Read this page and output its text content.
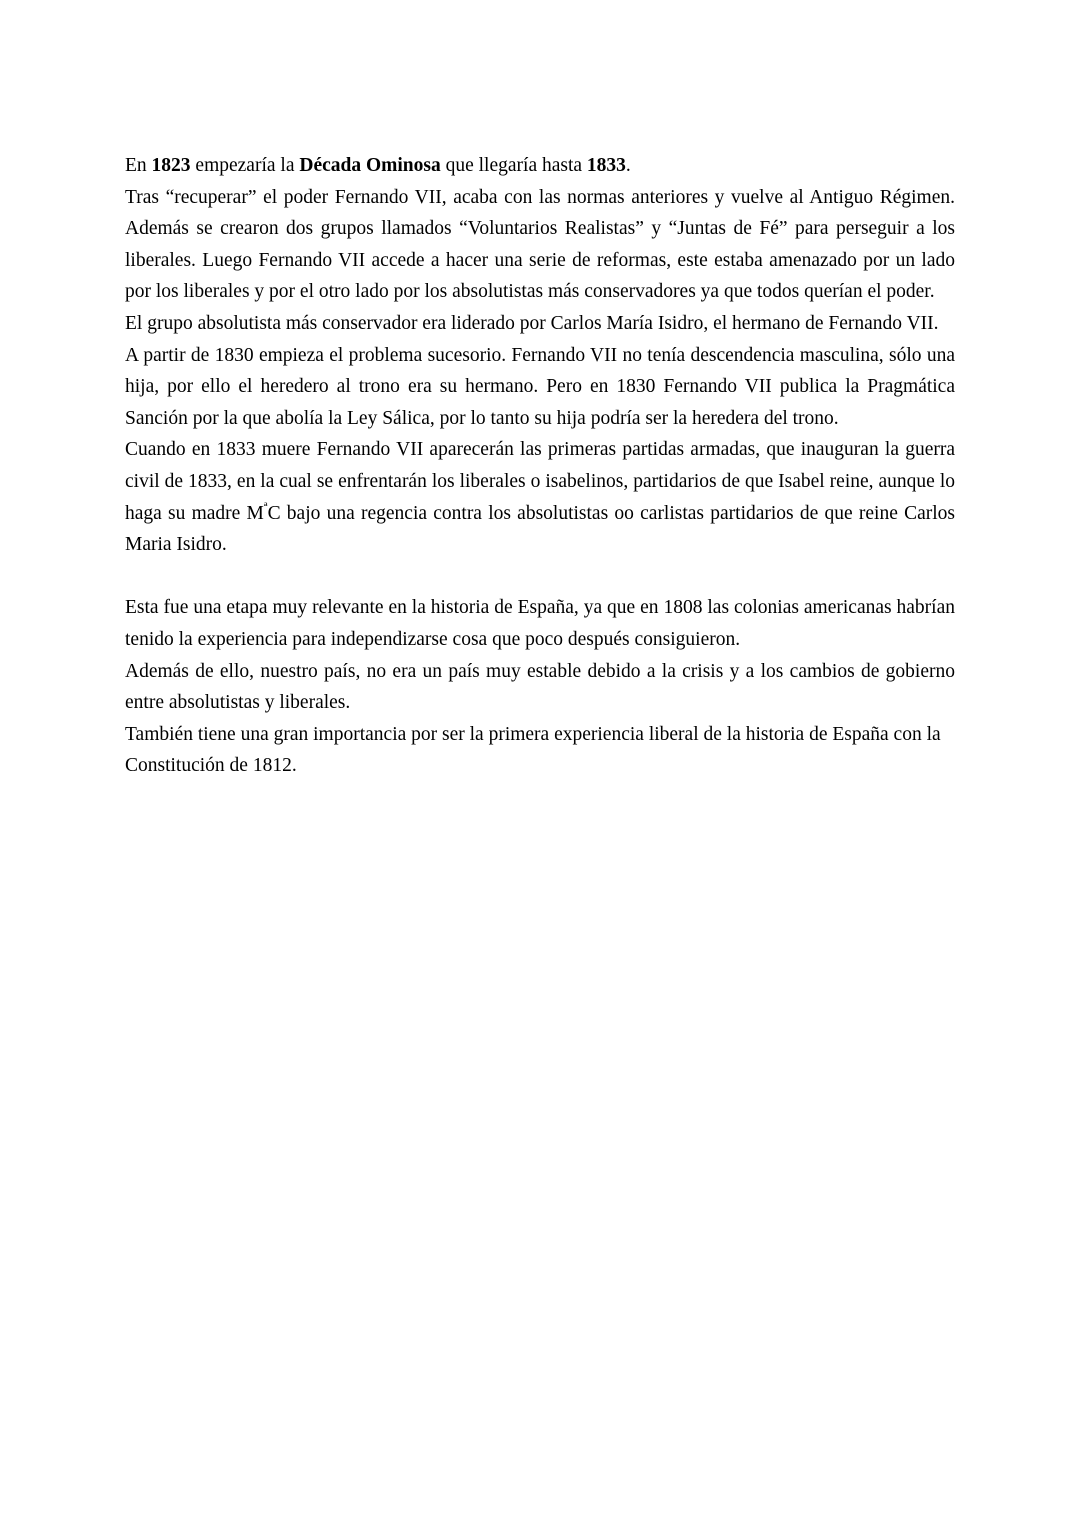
En 1823 empezaría la Década Ominosa que llegaría hasta 1833.

Tras “recuperar” el poder Fernando VII, acaba con las normas anteriores y vuelve al Antiguo Régimen. Además se crearon dos grupos llamados “Voluntarios Realistas” y “Juntas de Fé” para perseguir a los liberales. Luego Fernando VII accede a hacer una serie de reformas, este estaba amenazado por un lado por los liberales y por el otro lado por los absolutistas más conservadores ya que todos querían el poder.

El grupo absolutista más conservador era liderado por Carlos María Isidro, el hermano de Fernando VII.

A partir de 1830 empieza el problema sucesorio. Fernando VII no tenía descendencia masculina, sólo una hija, por ello el heredero al trono era su hermano. Pero en 1830 Fernando VII publica la Pragmática Sanción por la que abolía la Ley Sálica, por lo tanto su hija podría ser la heredera del trono.

Cuando en 1833 muere Fernando VII aparecerán las primeras partidas armadas, que inauguran la guerra civil de 1833, en la cual se enfrentarán los liberales o isabelinos, partidarios de que Isabel reine, aunque lo haga su madre $M^ªC$ bajo una regencia contra los absolutistas oo carlistas partidarios de que reine Carlos Maria Isidro.

Esta fue una etapa muy relevante en la historia de España, ya que en 1808 las colonias americanas habrían tenido la experiencia para independizarse cosa que poco después consiguieron.

Además de ello, nuestro país, no era un país muy estable debido a la crisis y a los cambios de gobierno entre absolutistas y liberales.

También tiene una gran importancia por ser la primera experiencia liberal de la historia de España con la Constitución de 1812.
